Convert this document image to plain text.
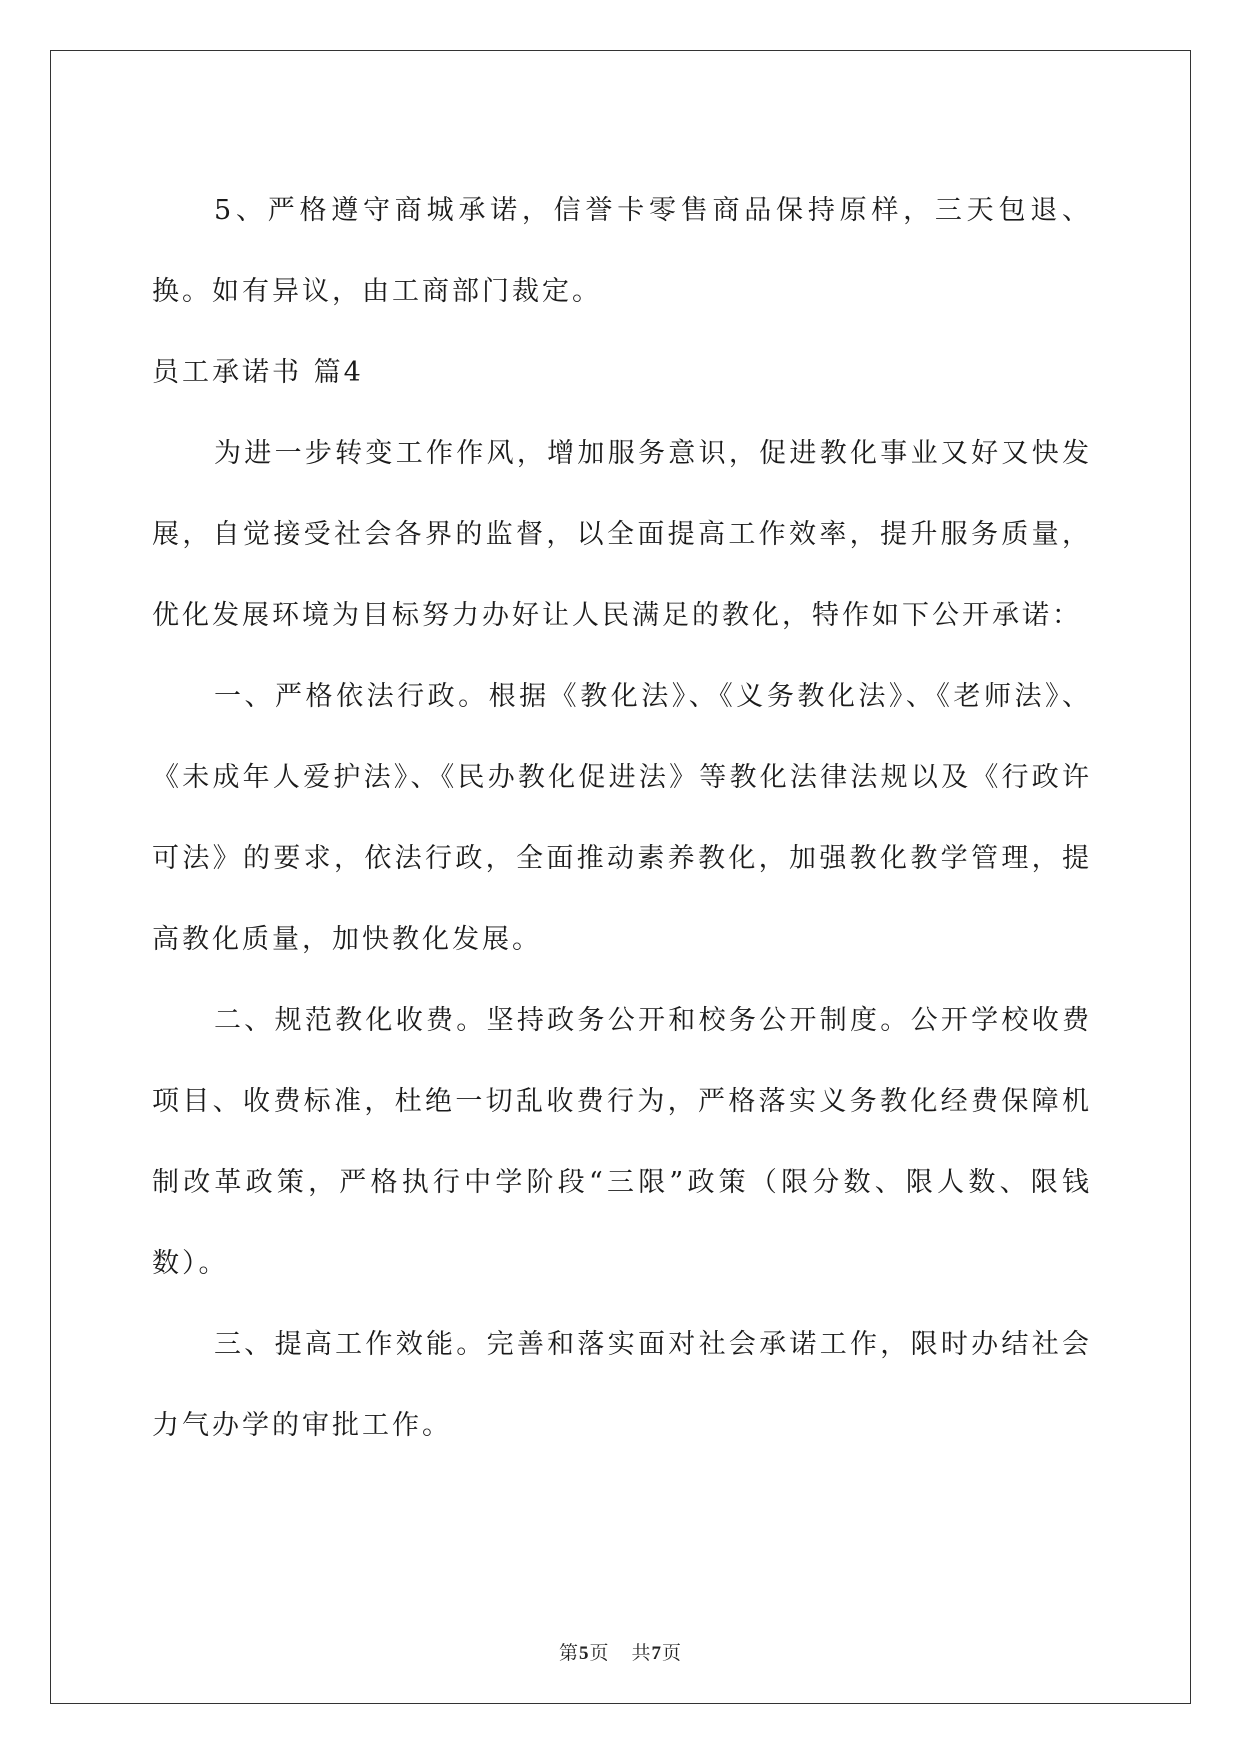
5、严格遵守商城承诺，信誉卡零售商品保持原样，三天包退、换。如有异议，由工商部门裁定。

员工承诺书 篇4

为进一步转变工作作风，增加服务意识，促进教化事业又好又快发展，自觉接受社会各界的监督，以全面提高工作效率，提升服务质量，优化发展环境为目标努力办好让人民满足的教化，特作如下公开承诺：

一、严格依法行政。根据《教化法》、《义务教化法》、《老师法》、《未成年人爱护法》、《民办教化促进法》等教化法律法规以及《行政许可法》的要求，依法行政，全面推动素养教化，加强教化教学管理，提高教化质量，加快教化发展。

二、规范教化收费。坚持政务公开和校务公开制度。公开学校收费项目、收费标准，杜绝一切乱收费行为，严格落实义务教化经费保障机制改革政策，严格执行中学阶段“三限”政策（限分数、限人数、限钱数）。

三、提高工作效能。完善和落实面对社会承诺工作，限时办结社会力气办学的审批工作。

第5页 共7页
